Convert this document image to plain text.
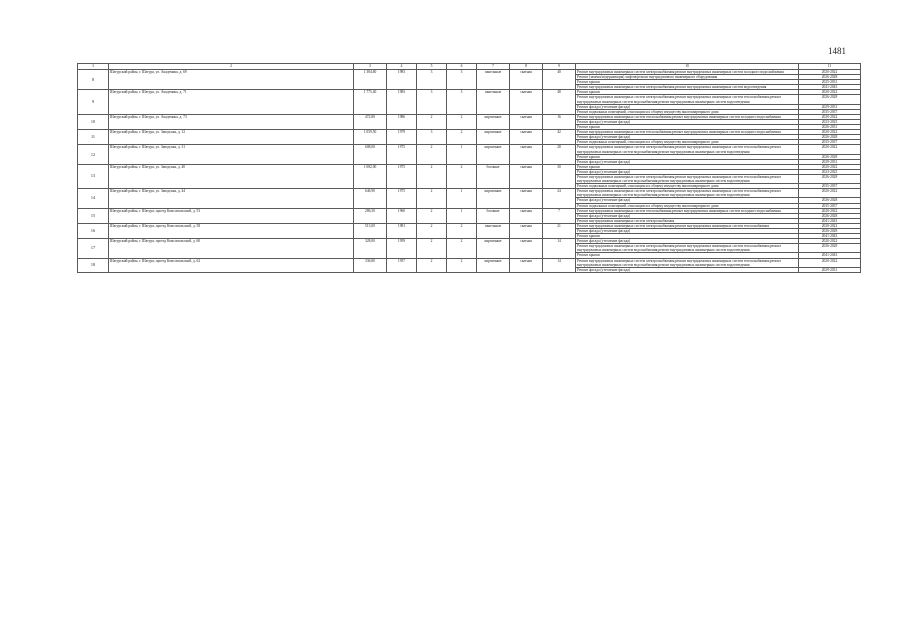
1481
1	2	3	4	5	6	7	8	9	10	11
8	Шатурский район, г. Шатура, ул. Академика, д. 69	1 384,60	1983	3	3	панельные	скатная	40	Ремонт внутридомовых инженерных систем электроснабжения;ремонт внутридомовых инженерных систем холодного водоснабжения	2020-2022
									Ремонт (замена/модернизация) лифтов/ремонт внутридомового инженерного оборудования	2026-2028
									Ремонт крыши	2025-2031
									Ремонт внутридомовых инженерных систем электроснабжения;ремонт внутридомовых инженерных систем водоотведения	2041-2043
9	Шатурский район, г. Шатура, ул. Академика, д. 71	1 775,40	1983	3	3	панельные	скатная	48	Ремонт крыши	2020-2022
									Ремонт внутридомовых инженерных систем электроснабжения;ремонт внутридомовых инженерных систем теплоснабжения;ремонт внутридомовых инженерных систем водоснабжения;ремонт внутридомовых инженерных систем водоотведения	2026-2028
									Ремонт фасада (утепление фасада)	2029-2031
									Ремонт подвальных помещений, относящихся к общему имуществу многоквартирного дома	2035-2037
10	Шатурский район, г. Шатура, ул. Академика, д. 73	472,80	1986	2	2	кирпичные	скатная	16	Ремонт внутридомовых инженерных систем теплоснабжения;ремонт внутридомовых инженерных систем холодного водоснабжения	2020-2022
									Ремонт фасада (утепление фасада)	2023-2025
									Ремонт крыши	2026-2031
11	Шатурский район, г. Шатура, ул. Заводская, д. 12	1 059,50	1979	3	2	кирпичные	скатная	42	Ремонт внутридомовых инженерных систем теплоснабжения;ремонт внутридомовых инженерных систем холодного водоснабжения	2020-2022
									Ремонт фасада (утепление фасада)	2026-2028
									Ремонт подвальных помещений, относящихся к общему имуществу многоквартирного дома	2035-2037
12	Шатурский район, г. Шатура, ул. Заводская, д. 31	608,00	1975	2	1	кирпичные	скатная	28	Ремонт внутридомовых инженерных систем электроснабжения;ремонт внутридомовых инженерных систем теплоснабжения;ремонт внутридомовых инженерных систем водоснабжения;ремонт внутридомовых инженерных систем водоотведения	2020-2022
									Ремонт крыши	2026-2028
									Ремонт фасада (утепление фасада)	2029-2031
13	Шатурский район, г. Шатура, ул. Заводская, д. 40	1 082,00	1975	2	2	блочные	скатная	30	Ремонт крыши	2020-2022
									Ремонт фасада (утепление фасада)	2023-2025
									Ремонт внутридомовых инженерных систем электроснабжения;ремонт внутридомовых инженерных систем теплоснабжения;ремонт внутридомовых инженерных систем водоснабжения;ремонт внутридомовых инженерных систем водоотведения	2026-2028
									Ремонт подвальных помещений, относящихся к общему имуществу многоквартирного дома	2035-2037
14	Шатурский район, г. Шатура, ул. Заводская, д. 44	646,90	1975	2	1	кирпичные	скатная	24	Ремонт внутридомовых инженерных систем электроснабжения;ремонт внутридомовых инженерных систем теплоснабжения;ремонт внутридомовых инженерных систем водоснабжения;ремонт внутридомовых инженерных систем водоотведения	2020-2022
									Ремонт фасада (утепление фасада)	2026-2028
									Ремонт подвальных помещений, относящихся к общему имуществу многоквартирного дома	2035-2037
15	Шатурский район, г. Шатура, проезд Комсомольский, д. 53	286,50	1960	2	1	блочные	скатная	7	Ремонт внутридомовых инженерных систем теплоснабжения;ремонт внутридомовых инженерных систем холодного водоснабжения	2020-2022
									Ремонт фасада (утепление фасада)	2026-2028
									Ремонт внутридомовых инженерных систем электроснабжения	2041-2043
16	Шатурский район, г. Шатура, проезд Комсомольский, д. 58	513,00	1981	2	2	панельные	скатная	21	Ремонт внутридомовых инженерных систем электроснабжения;ремонт внутридомовых инженерных систем теплоснабжения	2020-2022
									Ремонт фасада (утепление фасада)	2026-2028
									Ремонт крыши	2041-2043
17	Шатурский район, г. Шатура, проезд Комсомольский, д. 60	328,00	1959	2	2	кирпичные	скатная	14	Ремонт фасада (утепление фасада)	2020-2022
									Ремонт внутридомовых инженерных систем электроснабжения;ремонт внутридомовых инженерных систем теплоснабжения;ремонт внутридомовых инженерных систем водоснабжения;ремонт внутридомовых инженерных систем водоотведения	2026-2028
									Ремонт крыши	2041-2043
18	Шатурский район, г. Шатура, проезд Комсомольский, д. 62	336,80	1957	2	2	кирпичные	скатная	14	Ремонт внутридомовых инженерных систем электроснабжения;ремонт внутридомовых инженерных систем теплоснабжения;ремонт внутридомовых инженерных систем водоснабжения;ремонт внутридомовых инженерных систем водоотведения	2020-2022
									Ремонт фасада (утепление фасада)	2029-2031
